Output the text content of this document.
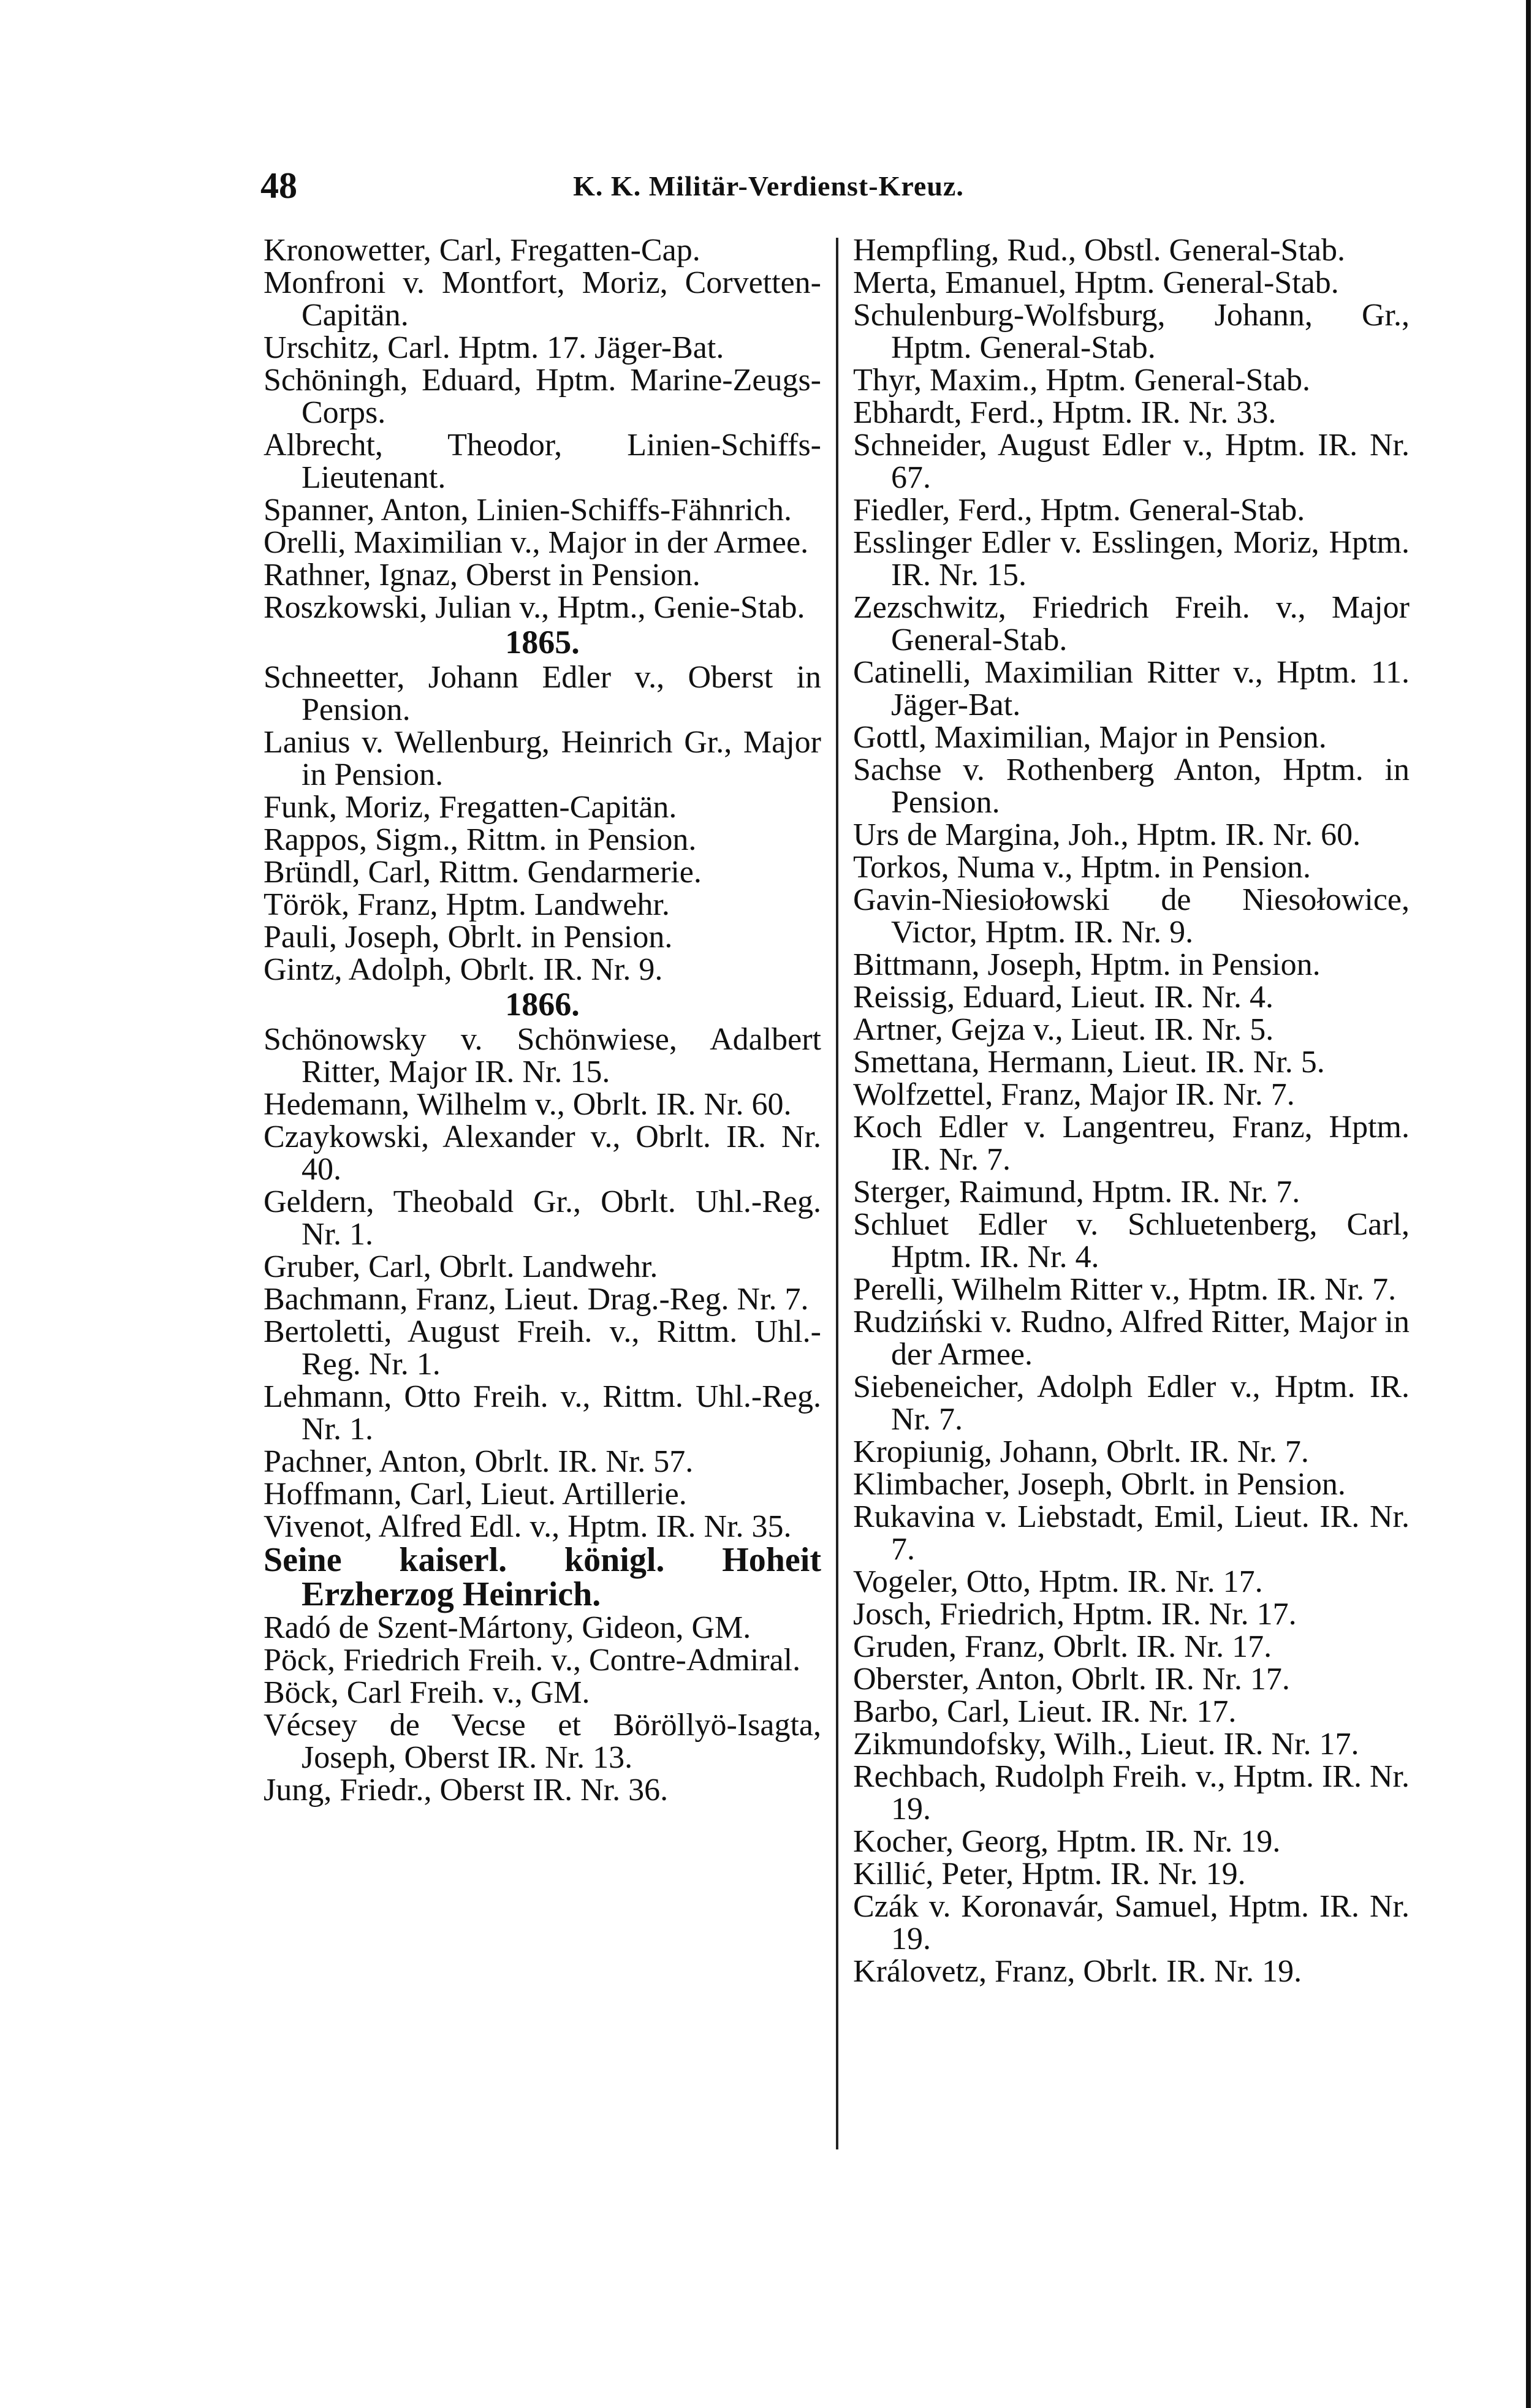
48	K. K. Militär-Verdienst-Kreuz.

Kronowetter, Carl, Fregatten-Cap.

Monfroni v. Montfort, Moriz, Corvetten-Capitän.

Urschitz, Carl. Hptm. 17. Jäger-Bat.

Schöningh, Eduard, Hptm. Marine-Zeugs-Corps.

Albrecht, Theodor, Linien-Schiffs-Lieutenant.

Spanner, Anton, Linien-Schiffs-Fähnrich.

Orelli, Maximilian v., Major in der Armee.

Rathner, Ignaz, Oberst in Pension.

Roszkowski, Julian v., Hptm., Genie-Stab.

1865.

Schneetter, Johann Edler v., Oberst in Pension.

Lanius v. Wellenburg, Heinrich Gr., Major in Pension.

Funk, Moriz, Fregatten-Capitän.

Rappos, Sigm., Rittm. in Pension.

Bründl, Carl, Rittm. Gendarmerie.

Török, Franz, Hptm. Landwehr.

Pauli, Joseph, Obrlt. in Pension.

Gintz, Adolph, Obrlt. IR. Nr. 9.

1866.

Schönowsky v. Schönwiese, Adalbert Ritter, Major IR. Nr. 15.

Hedemann, Wilhelm v., Obrlt. IR. Nr. 60.

Czaykowski, Alexander v., Obrlt. IR. Nr. 40.

Geldern, Theobald Gr., Obrlt. Uhl.-Reg. Nr. 1.

Gruber, Carl, Obrlt. Landwehr.

Bachmann, Franz, Lieut. Drag.-Reg. Nr. 7.

Bertoletti, August Freih. v., Rittm. Uhl.-Reg. Nr. 1.

Lehmann, Otto Freih. v., Rittm. Uhl.-Reg. Nr. 1.

Pachner, Anton, Obrlt. IR. Nr. 57.

Hoffmann, Carl, Lieut. Artillerie.

Vivenot, Alfred Edl. v., Hptm. IR. Nr. 35.

Seine kaiserl. königl. Hoheit Erzherzog Heinrich.

Radó de Szent-Mártony, Gideon, GM.

Pöck, Friedrich Freih. v., Contre-Admiral.

Böck, Carl Freih. v., GM.

Vécsey de Vecse et Böröllyö-Isagta, Joseph, Oberst IR. Nr. 13.

Jung, Friedr., Oberst IR. Nr. 36.

Hempfling, Rud., Obstl. General-Stab.

Merta, Emanuel, Hptm. General-Stab.

Schulenburg-Wolfsburg, Johann, Gr., Hptm. General-Stab.

Thyr, Maxim., Hptm. General-Stab.

Ebhardt, Ferd., Hptm. IR. Nr. 33.

Schneider, August Edler v., Hptm. IR. Nr. 67.

Fiedler, Ferd., Hptm. General-Stab.

Esslinger Edler v. Esslingen, Moriz, Hptm. IR. Nr. 15.

Zezschwitz, Friedrich Freih. v., Major General-Stab.

Catinelli, Maximilian Ritter v., Hptm. 11. Jäger-Bat.

Gottl, Maximilian, Major in Pension.

Sachse v. Rothenberg Anton, Hptm. in Pension.

Urs de Margina, Joh., Hptm. IR. Nr. 60.

Torkos, Numa v., Hptm. in Pension.

Gavin-Niesiołowski de Niesołowice, Victor, Hptm. IR. Nr. 9.

Bittmann, Joseph, Hptm. in Pension.

Reissig, Eduard, Lieut. IR. Nr. 4.

Artner, Gejza v., Lieut. IR. Nr. 5.

Smettana, Hermann, Lieut. IR. Nr. 5.

Wolfzettel, Franz, Major IR. Nr. 7.

Koch Edler v. Langentreu, Franz, Hptm. IR. Nr. 7.

Sterger, Raimund, Hptm. IR. Nr. 7.

Schluet Edler v. Schluetenberg, Carl, Hptm. IR. Nr. 4.

Perelli, Wilhelm Ritter v., Hptm. IR. Nr. 7.

Rudziński v. Rudno, Alfred Ritter, Major in der Armee.

Siebeneicher, Adolph Edler v., Hptm. IR. Nr. 7.

Kropiunig, Johann, Obrlt. IR. Nr. 7.

Klimbacher, Joseph, Obrlt. in Pension.

Rukavina v. Liebstadt, Emil, Lieut. IR. Nr. 7.

Vogeler, Otto, Hptm. IR. Nr. 17.

Josch, Friedrich, Hptm. IR. Nr. 17.

Gruden, Franz, Obrlt. IR. Nr. 17.

Oberster, Anton, Obrlt. IR. Nr. 17.

Barbo, Carl, Lieut. IR. Nr. 17.

Zikmundofsky, Wilh., Lieut. IR. Nr. 17.

Rechbach, Rudolph Freih. v., Hptm. IR. Nr. 19.

Kocher, Georg, Hptm. IR. Nr. 19.

Killić, Peter, Hptm. IR. Nr. 19.

Czák v. Koronavár, Samuel, Hptm. IR. Nr. 19.

Královetz, Franz, Obrlt. IR. Nr. 19.
